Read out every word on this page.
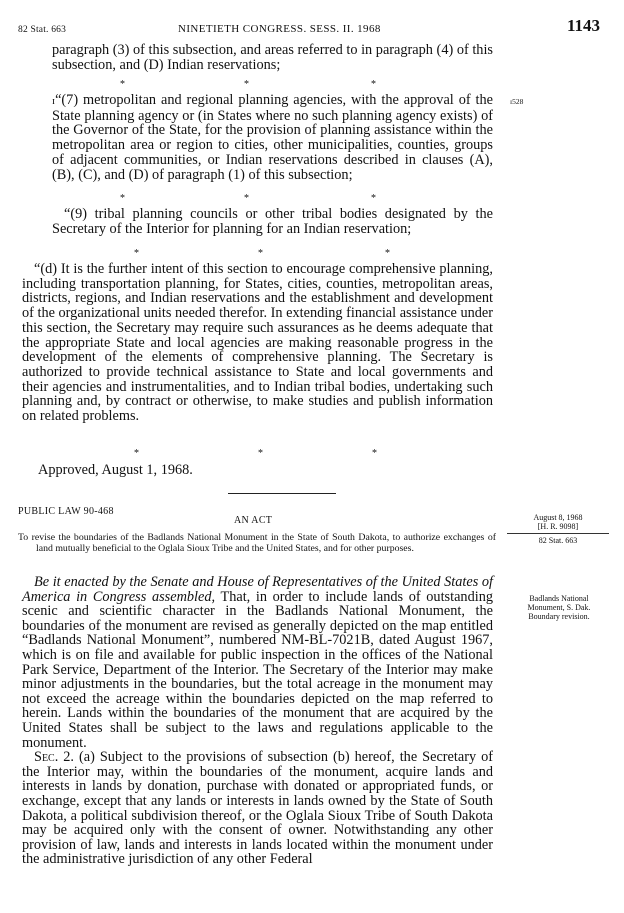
82 Stat. 663	NINETIETH CONGRESS. SESS. II. 1968	1143
paragraph (3) of this subsection, and areas referred to in paragraph (4) of this subsection, and (D) Indian reservations;
*	*	*
ɪ“(7) metropolitan and regional planning agencies, with the approval of the State planning agency or (in States where no such planning agency exists) of the Governor of the State, for the provision of planning assistance within the metropolitan area or region to cities, other municipalities, counties, groups of adjacent communities, or Indian reservations described in clauses (A), (B), (C), and (D) of paragraph (1) of this subsection;
*	*	*
“(9) tribal planning councils or other tribal bodies designated by the Secretary of the Interior for planning for an Indian reservation;
*	*	*
“(d) It is the further intent of this section to encourage comprehensive planning, including transportation planning, for States, cities, counties, metropolitan areas, districts, regions, and Indian reservations and the establishment and development of the organizational units needed therefor. In extending financial assistance under this section, the Secretary may require such assurances as he deems adequate that the appropriate State and local agencies are making reasonable progress in the development of the elements of comprehensive planning. The Secretary is authorized to provide technical assistance to State and local governments and their agencies and instrumentalities, and to Indian tribal bodies, undertaking such planning and, by contract or otherwise, to make studies and publish information on related problems.
*	*	*
Approved, August 1, 1968.
PUBLIC LAW 90-468
AN ACT
To revise the boundaries of the Badlands National Monument in the State of South Dakota, to authorize exchanges of land mutually beneficial to the Oglala Sioux Tribe and the United States, and for other purposes.

Be it enacted by the Senate and House of Representatives of the United States of America in Congress assembled, That, in order to include lands of outstanding scenic and scientific character in the Badlands National Monument, the boundaries of the monument are revised as generally depicted on the map entitled “Badlands National Monument”, numbered NM-BL-7021B, dated August 1967, which is on file and available for public inspection in the offices of the National Park Service, Department of the Interior. The Secretary of the Interior may make minor adjustments in the boundaries, but the total acreage in the monument may not exceed the acreage within the boundaries depicted on the map referred to herein. Lands within the boundaries of the monument that are acquired by the United States shall be subject to the laws and regulations applicable to the monument.

Sec. 2. (a) Subject to the provisions of subsection (b) hereof, the Secretary of the Interior may, within the boundaries of the monument, acquire lands and interests in lands by donation, purchase with donated or appropriated funds, or exchange, except that any lands or interests in lands owned by the State of South Dakota, a political subdivision thereof, or the Oglala Sioux Tribe of South Dakota may be acquired only with the consent of owner. Notwithstanding any other provision of law, lands and interests in lands located within the monument under the administrative jurisdiction of any other Federal

ɪ528
August 8, 1968
[H. R. 9098]
82 Stat. 663
Badlands National
Monument, S. Dak.
Boundary revision.
